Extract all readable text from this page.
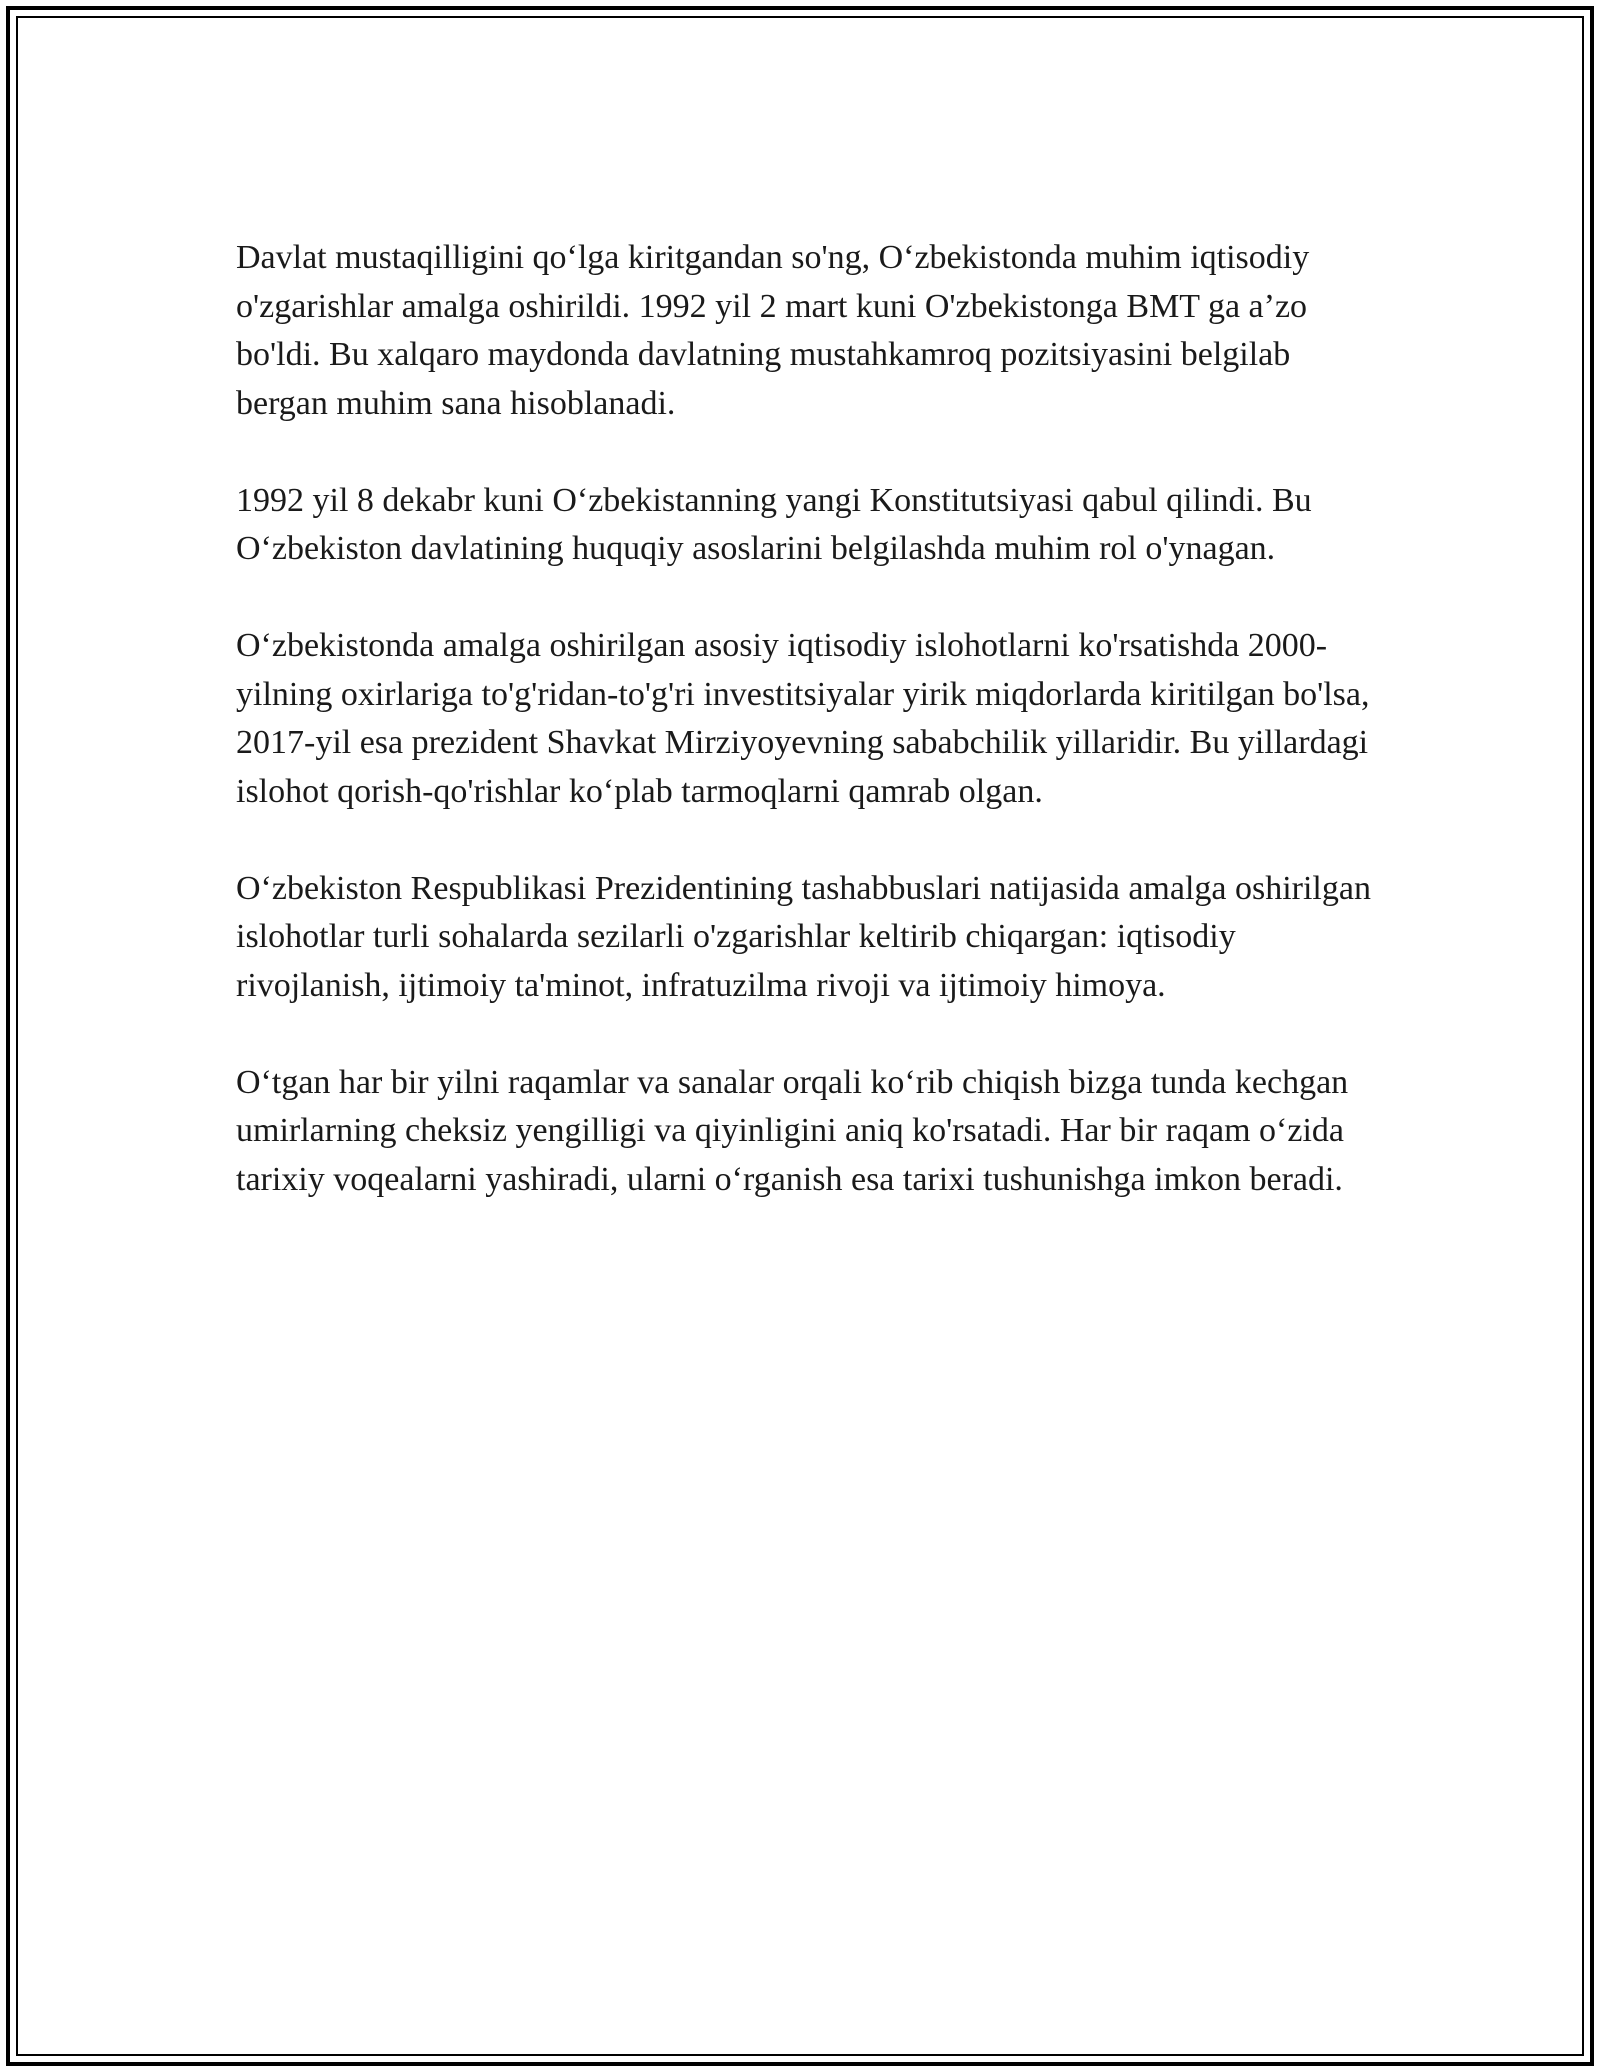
Davlat mustaqilligini qo‘lga kiritgandan so'ng, O‘zbekistonda muhim iqtisodiy o'zgarishlar amalga oshirildi. 1992 yil 2 mart kuni O'zbekistonga BMT ga a’zo bo'ldi. Bu xalqaro maydonda davlatning mustahkamroq pozitsiyasini belgilab bergan muhim sana hisoblanadi.

1992 yil 8 dekabr kuni O‘zbekistanning yangi Konstitutsiyasi qabul qilindi. Bu O‘zbekiston davlatining huquqiy asoslarini belgilashda muhim rol o'ynagan.

O‘zbekistonda amalga oshirilgan asosiy iqtisodiy islohotlarni ko'rsatishda 2000-yilning oxirlariga to'g'ridan-to'g'ri investitsiyalar yirik miqdorlarda kiritilgan bo'lsa, 2017-yil esa prezident Shavkat Mirziyoyevning sababchilik yillaridir. Bu yillardagi islohot qorish-qo'rishlar ko‘plab tarmoqlarni qamrab olgan.

O‘zbekiston Respublikasi Prezidentining tashabbuslari natijasida amalga oshirilgan islohotlar turli sohalarda sezilarli o'zgarishlar keltirib chiqargan: iqtisodiy rivojlanish, ijtimoiy ta'minot, infratuzilma rivoji va ijtimoiy himoya.

O‘tgan har bir yilni raqamlar va sanalar orqali ko‘rib chiqish bizga tunda kechgan umirlarning cheksiz yengilligi va qiyinligini aniq ko'rsatadi. Har bir raqam o‘zida tarixiy voqealarni yashiradi, ularni o‘rganish esa tarixi tushunishga imkon beradi.
